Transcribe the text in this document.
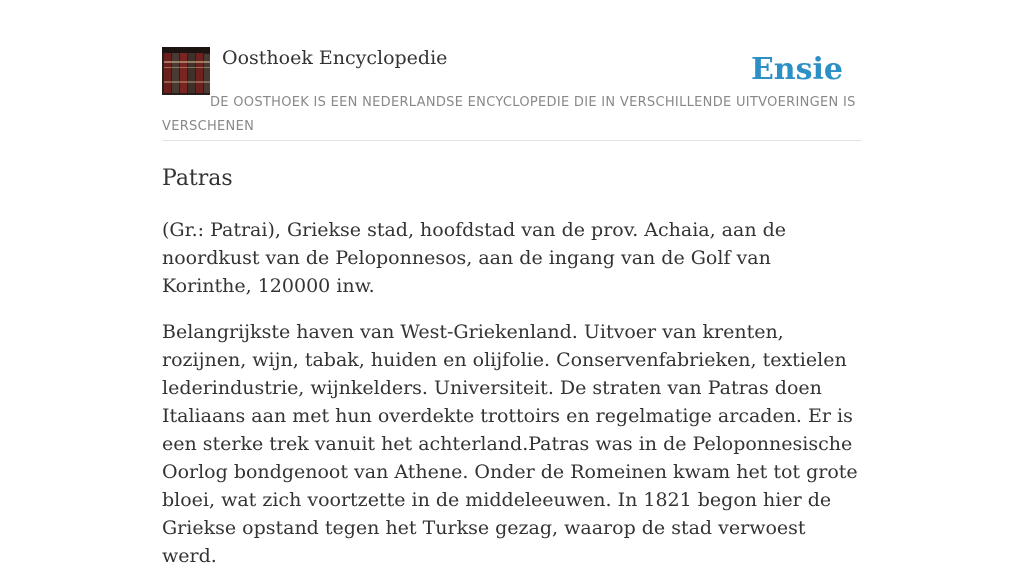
Oosthoek Encyclopedie	Ensie
DE OOSTHOEK IS EEN NEDERLANDSE ENCYCLOPEDIE DIE IN VERSCHILLENDE UITVOERINGEN IS VERSCHENEN
Patras

(Gr.: Patrai), Griekse stad, hoofdstad van de prov. Achaia, aan de noordkust van de Peloponnesos, aan de ingang van de Golf van Korinthe, 120000 inw.

Belangrijkste haven van West-Griekenland. Uitvoer van krenten, rozijnen, wijn, tabak, huiden en olijfolie. Conservenfabrieken, textielen lederindustrie, wijnkelders. Universiteit. De straten van Patras doen Italiaans aan met hun overdekte trottoirs en regelmatige arcaden. Er is een sterke trek vanuit het achterland.Patras was in de Peloponnesische Oorlog bondgenoot van Athene. Onder de Romeinen kwam het tot grote bloei, wat zich voortzette in de middeleeuwen. In 1821 begon hier de Griekse opstand tegen het Turkse gezag, waarop de stad verwoest werd.
